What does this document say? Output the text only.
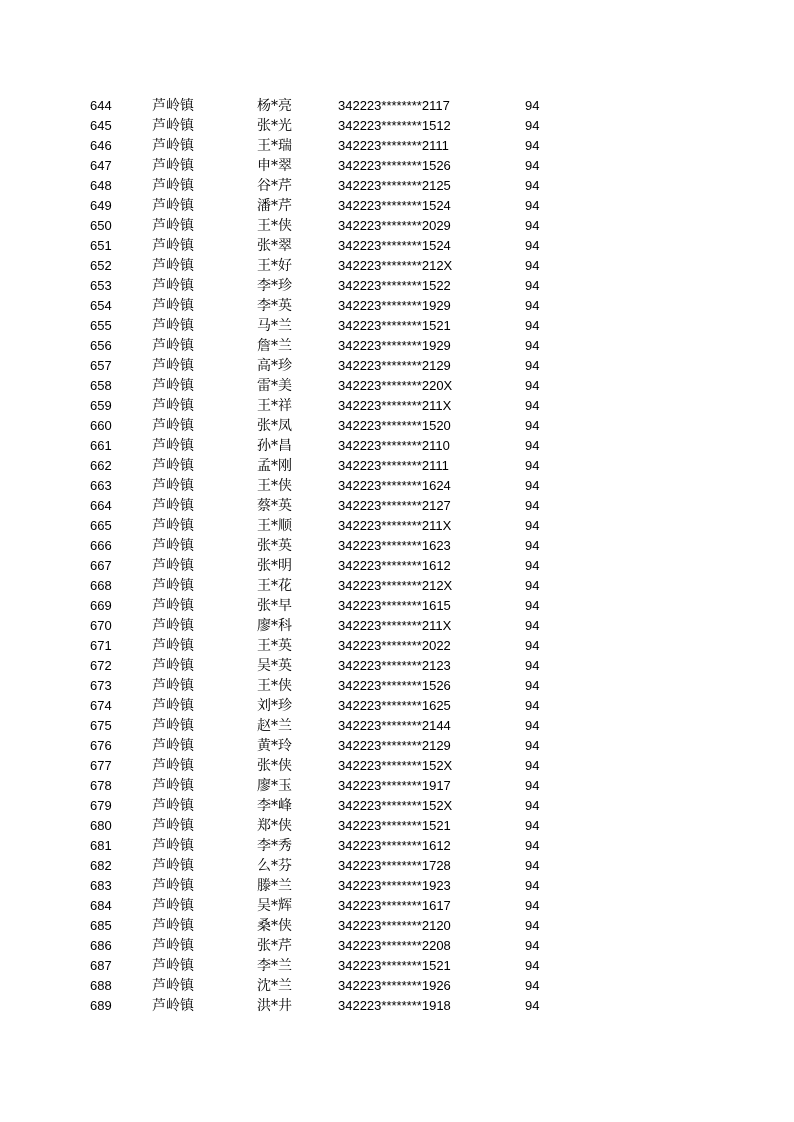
644	芦岭镇	杨*亮	342223********2117	94
645	芦岭镇	张*光	342223********1512	94
646	芦岭镇	王*瑞	342223********2111	94
647	芦岭镇	申*翠	342223********1526	94
648	芦岭镇	谷*芹	342223********2125	94
649	芦岭镇	潘*芹	342223********1524	94
650	芦岭镇	王*侠	342223********2029	94
651	芦岭镇	张*翠	342223********1524	94
652	芦岭镇	王*好	342223********212X	94
653	芦岭镇	李*珍	342223********1522	94
654	芦岭镇	李*英	342223********1929	94
655	芦岭镇	马*兰	342223********1521	94
656	芦岭镇	詹*兰	342223********1929	94
657	芦岭镇	高*珍	342223********2129	94
658	芦岭镇	雷*美	342223********220X	94
659	芦岭镇	王*祥	342223********211X	94
660	芦岭镇	张*凤	342223********1520	94
661	芦岭镇	孙*昌	342223********2110	94
662	芦岭镇	孟*刚	342223********2111	94
663	芦岭镇	王*侠	342223********1624	94
664	芦岭镇	蔡*英	342223********2127	94
665	芦岭镇	王*顺	342223********211X	94
666	芦岭镇	张*英	342223********1623	94
667	芦岭镇	张*明	342223********1612	94
668	芦岭镇	王*花	342223********212X	94
669	芦岭镇	张*早	342223********1615	94
670	芦岭镇	廖*科	342223********211X	94
671	芦岭镇	王*英	342223********2022	94
672	芦岭镇	吴*英	342223********2123	94
673	芦岭镇	王*侠	342223********1526	94
674	芦岭镇	刘*珍	342223********1625	94
675	芦岭镇	赵*兰	342223********2144	94
676	芦岭镇	黄*玲	342223********2129	94
677	芦岭镇	张*侠	342223********152X	94
678	芦岭镇	廖*玉	342223********1917	94
679	芦岭镇	李*峰	342223********152X	94
680	芦岭镇	郑*侠	342223********1521	94
681	芦岭镇	李*秀	342223********1612	94
682	芦岭镇	么*芬	342223********1728	94
683	芦岭镇	滕*兰	342223********1923	94
684	芦岭镇	吴*辉	342223********1617	94
685	芦岭镇	桑*侠	342223********2120	94
686	芦岭镇	张*芹	342223********2208	94
687	芦岭镇	李*兰	342223********1521	94
688	芦岭镇	沈*兰	342223********1926	94
689	芦岭镇	洪*井	342223********1918	94
